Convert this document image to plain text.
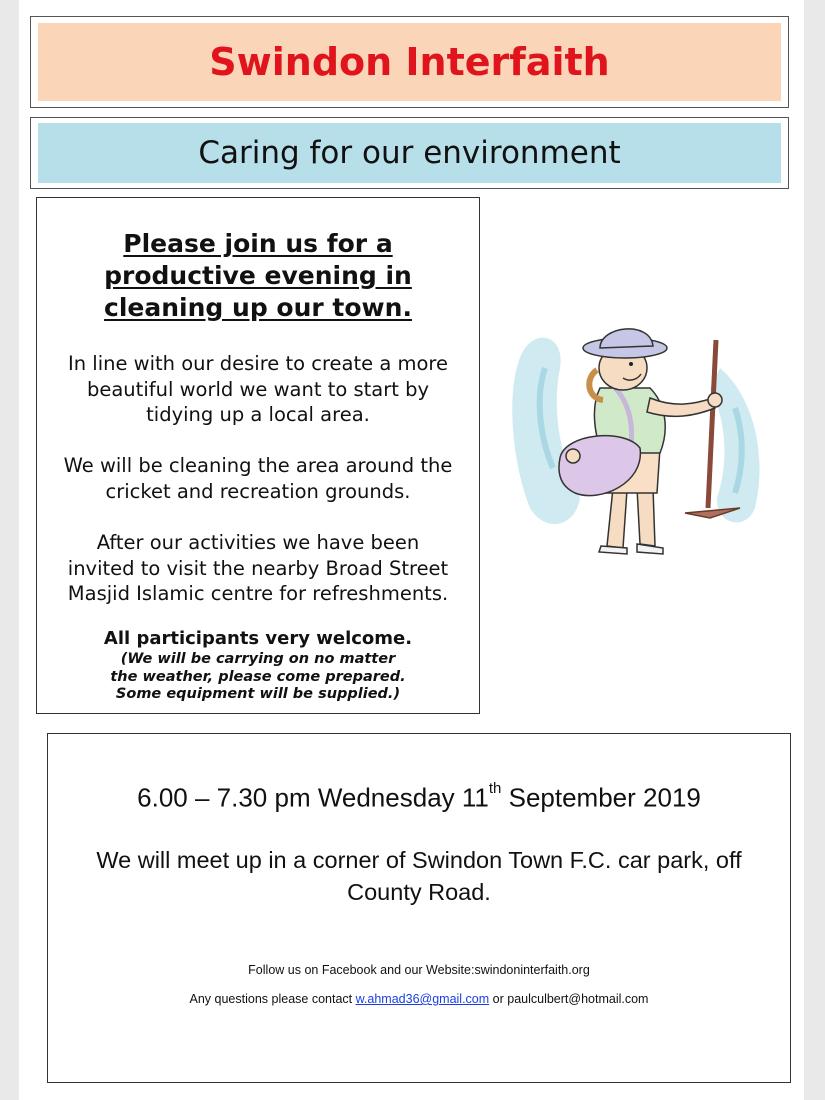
Swindon Interfaith
Caring for our environment
Please join us for a
productive evening in
cleaning up our town.
In line with our desire to create a more
beautiful world we want to start by
tidying up a local area.
We will be cleaning the area around the
cricket and recreation grounds.
After our activities we have been
invited to visit the nearby Broad Street
Masjid Islamic centre for refreshments.
All participants very welcome.
(We will be carrying on no matter
the weather, please come prepared.
Some equipment will be supplied.)
6.00 – 7.30 pm Wednesday 11th September 2019
We will meet up in a corner of Swindon Town F.C. car park, off
County Road.
Follow us on Facebook and our Website:swindoninterfaith.org
Any questions please contact w.ahmad36@gmail.com or paulculbert@hotmail.com
